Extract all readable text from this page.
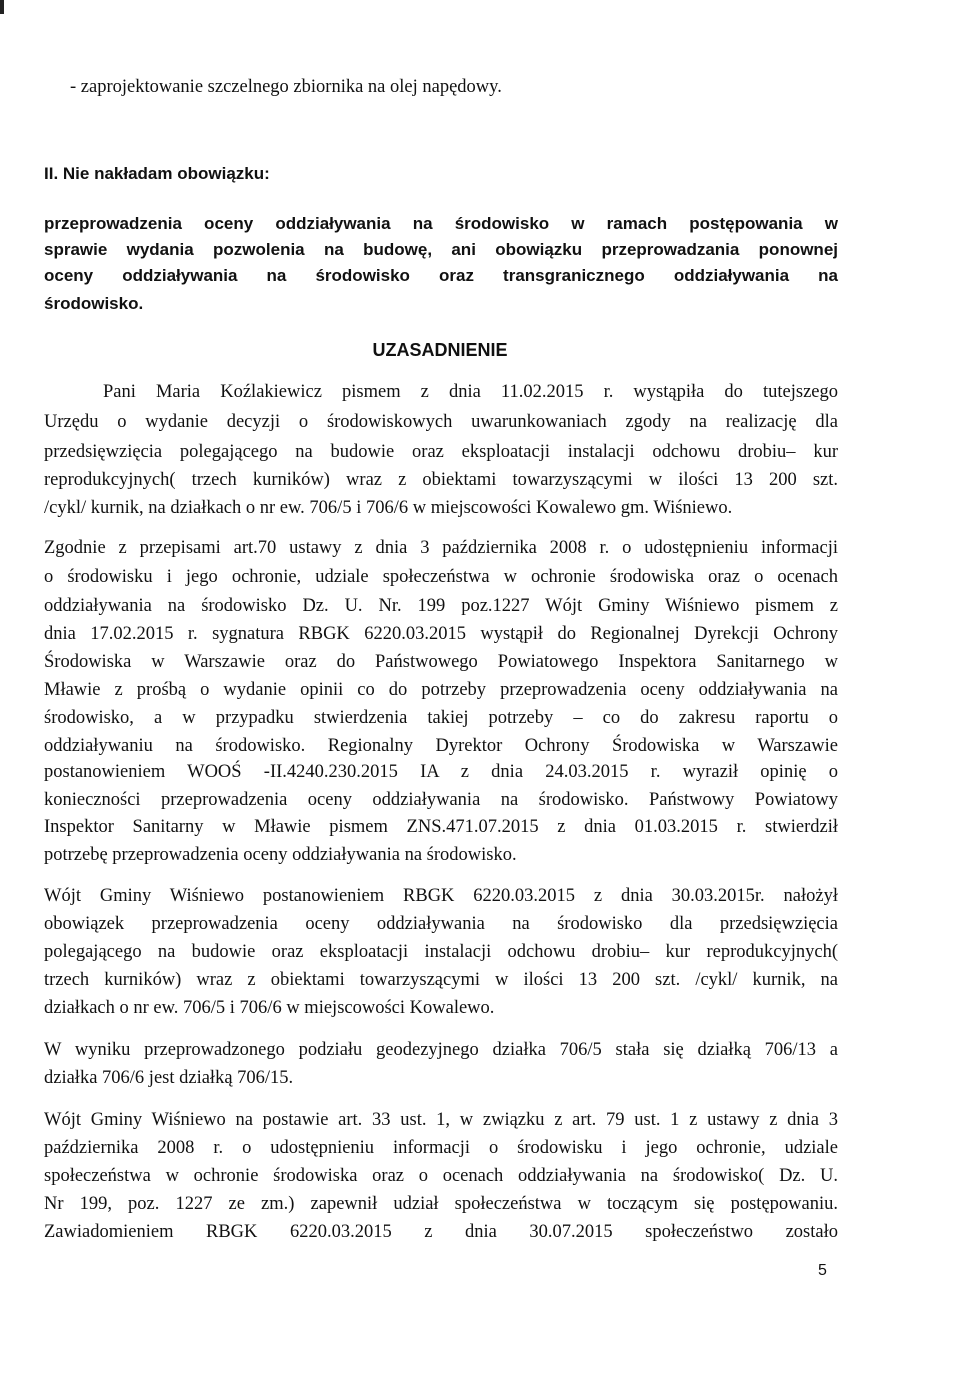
- zaprojektowanie szczelnego zbiornika na olej napędowy.
II. Nie nakładam obowiązku:
przeprowadzenia oceny oddziaływania na środowisko w ramach postępowania w
sprawie wydania pozwolenia na budowę, ani obowiązku przeprowadzania ponownej
oceny oddziaływania na środowisko oraz transgranicznego oddziaływania na
środowisko.
UZASADNIENIE
Pani Maria Koźlakiewicz pismem z dnia 11.02.2015 r. wystąpiła do tutejszego
Urzędu o wydanie decyzji o środowiskowych uwarunkowaniach zgody na realizację dla
przedsięwzięcia polegającego na budowie oraz eksploatacji instalacji odchowu drobiu– kur
reprodukcyjnych( trzech kurników) wraz z obiektami towarzyszącymi w ilości 13 200 szt.
/cykl/ kurnik, na działkach o nr ew. 706/5 i 706/6 w miejscowości Kowalewo gm. Wiśniewo.
Zgodnie z przepisami art.70 ustawy z dnia 3 października 2008 r. o udostępnieniu informacji
o środowisku i jego ochronie, udziale społeczeństwa w ochronie środowiska oraz o ocenach
oddziaływania na środowisko Dz. U. Nr. 199 poz.1227 Wójt Gminy Wiśniewo pismem z
dnia 17.02.2015 r. sygnatura RBGK 6220.03.2015 wystąpił do Regionalnej Dyrekcji Ochrony
Środowiska w Warszawie oraz do Państwowego Powiatowego Inspektora Sanitarnego w
Mławie z prośbą o wydanie opinii co do potrzeby przeprowadzenia oceny oddziaływania na
środowisko, a w przypadku stwierdzenia takiej potrzeby – co do zakresu raportu o
oddziaływaniu na środowisko. Regionalny Dyrektor Ochrony Środowiska w Warszawie
postanowieniem WOOŚ -II.4240.230.2015 IA z dnia 24.03.2015 r. wyraził opinię o
konieczności przeprowadzenia oceny oddziaływania na środowisko. Państwowy Powiatowy
Inspektor Sanitarny w Mławie pismem ZNS.471.07.2015 z dnia 01.03.2015 r. stwierdził
potrzebę przeprowadzenia oceny oddziaływania na środowisko.
Wójt Gminy Wiśniewo postanowieniem RBGK 6220.03.2015 z dnia 30.03.2015r. nałożył
obowiązek przeprowadzenia oceny oddziaływania na środowisko dla przedsięwzięcia
polegającego na budowie oraz eksploatacji instalacji odchowu drobiu– kur reprodukcyjnych(
trzech kurników) wraz z obiektami towarzyszącymi w ilości 13 200 szt. /cykl/ kurnik, na
działkach o nr ew. 706/5 i 706/6 w miejscowości Kowalewo.
W wyniku przeprowadzonego podziału geodezyjnego działka 706/5 stała się działką 706/13 a
działka 706/6 jest działką 706/15.
Wójt Gminy Wiśniewo na postawie art. 33 ust. 1, w związku z art. 79 ust. 1 z ustawy z dnia 3
października 2008 r. o udostępnieniu informacji o środowisku i jego ochronie, udziale
społeczeństwa w ochronie środowiska oraz o ocenach oddziaływania na środowisko( Dz. U.
Nr 199, poz. 1227 ze zm.) zapewnił udział społeczeństwa w toczącym się postępowaniu.
Zawiadomieniem RBGK 6220.03.2015 z dnia 30.07.2015 społeczeństwo zostało
5
